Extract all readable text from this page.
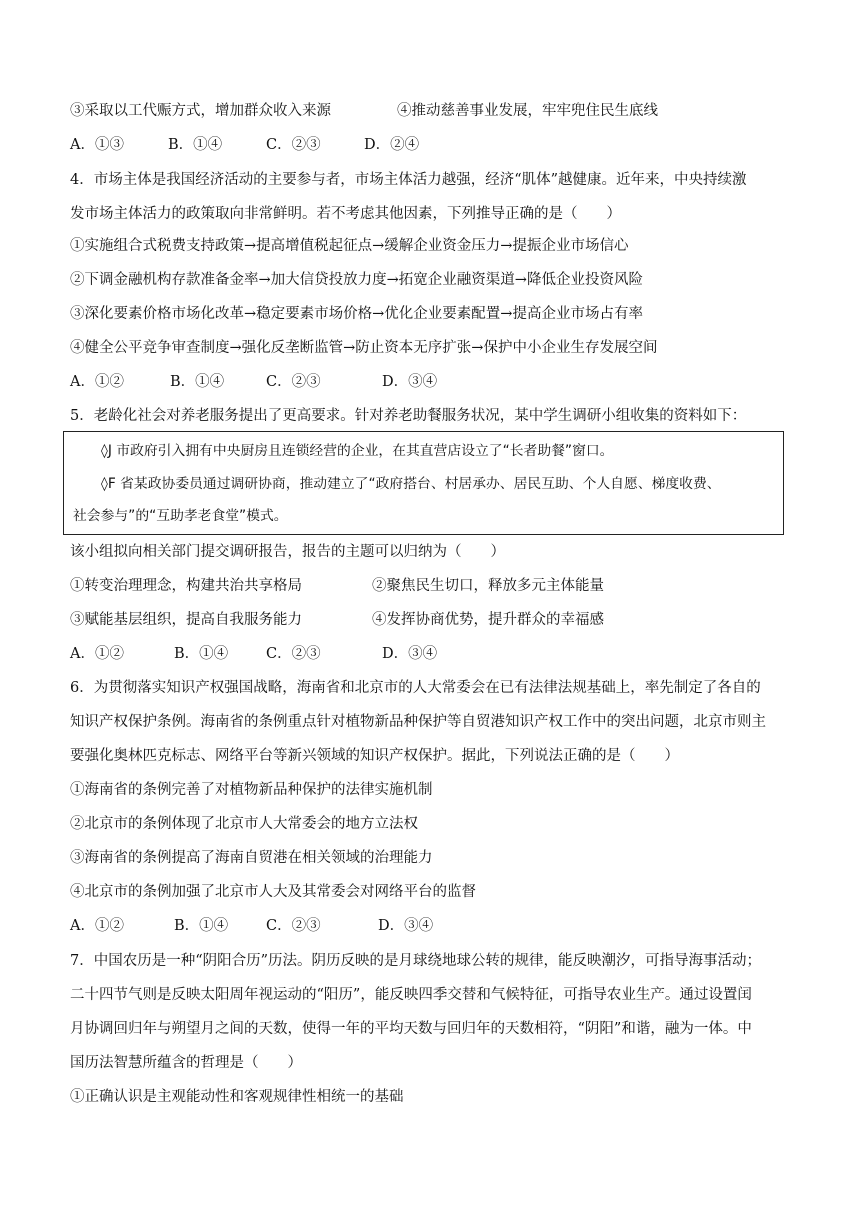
③采取以工代赈方式，增加群众收入来源	④推动慈善事业发展，牢牢兜住民生底线
A．①③	B．①④	C．②③	D．②④
4．市场主体是我国经济活动的主要参与者，市场主体活力越强，经济“肌体”越健康。近年来，中央持续激
发市场主体活力的政策取向非常鲜明。若不考虑其他因素，下列推导正确的是（　　）
①实施组合式税费支持政策→提高增值税起征点→缓解企业资金压力→提振企业市场信心
②下调金融机构存款准备金率→加大信贷投放力度→拓宽企业融资渠道→降低企业投资风险
③深化要素价格市场化改革→稳定要素市场价格→优化企业要素配置→提高企业市场占有率
④健全公平竞争审查制度→强化反垄断监管→防止资本无序扩张→保护中小企业生存发展空间
A．①②	B．①④	C．②③	D．③④
5．老龄化社会对养老服务提出了更高要求。针对养老助餐服务状况，某中学生调研小组收集的资料如下：
◊J 市政府引入拥有中央厨房且连锁经营的企业，在其直营店设立了“长者助餐”窗口。
◊F 省某政协委员通过调研协商，推动建立了“政府搭台、村居承办、居民互助、个人自愿、梯度收费、
社会参与”的“互助孝老食堂”模式。
该小组拟向相关部门提交调研报告，报告的主题可以归纳为（　　）
①转变治理理念，构建共治共享格局	②聚焦民生切口，释放多元主体能量
③赋能基层组织，提高自我服务能力	④发挥协商优势，提升群众的幸福感
A．①②	B．①④	C．②③	D．③④
6．为贯彻落实知识产权强国战略，海南省和北京市的人大常委会在已有法律法规基础上，率先制定了各自的
知识产权保护条例。海南省的条例重点针对植物新品种保护等自贸港知识产权工作中的突出问题，北京市则主
要强化奥林匹克标志、网络平台等新兴领域的知识产权保护。据此，下列说法正确的是（　　）
①海南省的条例完善了对植物新品种保护的法律实施机制
②北京市的条例体现了北京市人大常委会的地方立法权
③海南省的条例提高了海南自贸港在相关领域的治理能力
④北京市的条例加强了北京市人大及其常委会对网络平台的监督
A．①②	B．①④	C．②③	D．③④
7．中国农历是一种“阴阳合历”历法。阴历反映的是月球绕地球公转的规律，能反映潮汐，可指导海事活动；
二十四节气则是反映太阳周年视运动的“阳历”，能反映四季交替和气候特征，可指导农业生产。通过设置闰
月协调回归年与朔望月之间的天数，使得一年的平均天数与回归年的天数相符，“阴阳”和谐，融为一体。中
国历法智慧所蕴含的哲理是（　　）
①正确认识是主观能动性和客观规律性相统一的基础
